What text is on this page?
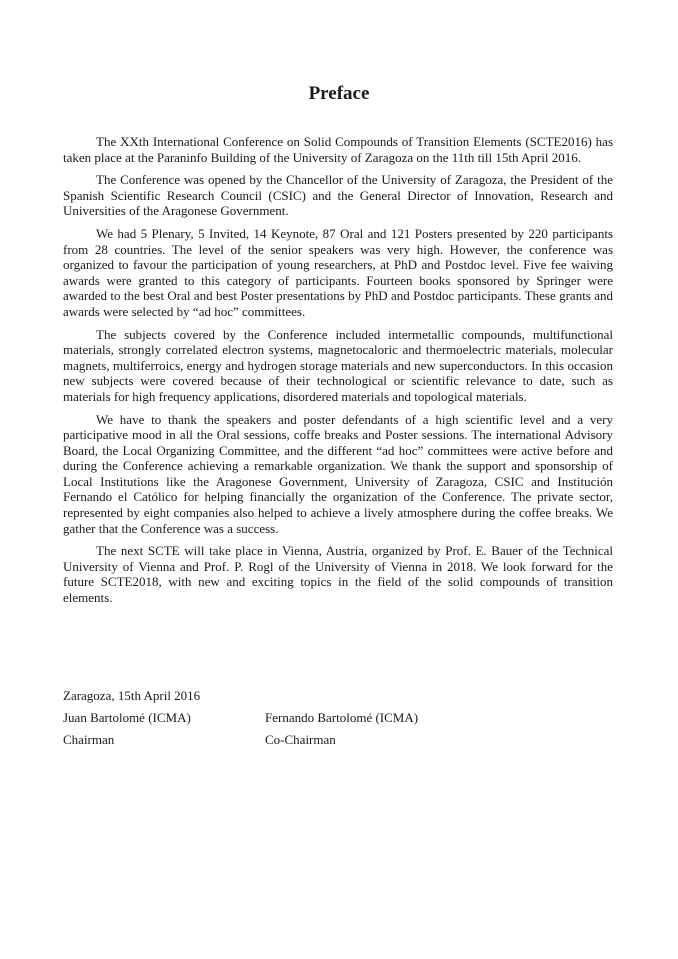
Preface

The XXth International Conference on Solid Compounds of Transition Elements (SCTE2016) has taken place at the Paraninfo Building of the University of Zaragoza on the 11th till 15th April 2016.

The Conference was opened by the Chancellor of the University of Zaragoza, the President of the Spanish Scientific Research Council (CSIC) and the General Director of Innovation, Research and Universities of the Aragonese Government.

We had 5 Plenary, 5 Invited, 14 Keynote, 87 Oral and 121 Posters presented by 220 participants from 28 countries. The level of the senior speakers was very high. However, the conference was organized to favour the participation of young researchers, at PhD and Postdoc level. Five fee waiving awards were granted to this category of participants. Fourteen books sponsored by Springer were awarded to the best Oral and best Poster presentations by PhD and Postdoc participants. These grants and awards were selected by “ad hoc” committees.

The subjects covered by the Conference included intermetallic compounds, multifunctional materials, strongly correlated electron systems, magnetocaloric and thermoelectric materials, molecular magnets, multiferroics, energy and hydrogen storage materials and new superconductors. In this occasion new subjects were covered because of their technological or scientific relevance to date, such as materials for high frequency applications, disordered materials and topological materials.

We have to thank the speakers and poster defendants of a high scientific level and a very participative mood in all the Oral sessions, coffe breaks and Poster sessions. The international Advisory Board, the Local Organizing Committee, and the different “ad hoc” committees were active before and during the Conference achieving a remarkable organization. We thank the support and sponsorship of Local Institutions like the Aragonese Government, University of Zaragoza, CSIC and Institución Fernando el Católico for helping financially the organization of the Conference. The private sector, represented by eight companies also helped to achieve a lively atmosphere during the coffee breaks. We gather that the Conference was a success.

The next SCTE will take place in Vienna, Austria, organized by Prof. E. Bauer of the Technical University of Vienna and Prof. P. Rogl of the University of Vienna in 2018. We look forward for the future SCTE2018, with new and exciting topics in the field of the solid compounds of transition elements.

Zaragoza, 15th April 2016
Juan Bartolomé (ICMA)	Fernando Bartolomé (ICMA)
Chairman	Co-Chairman
